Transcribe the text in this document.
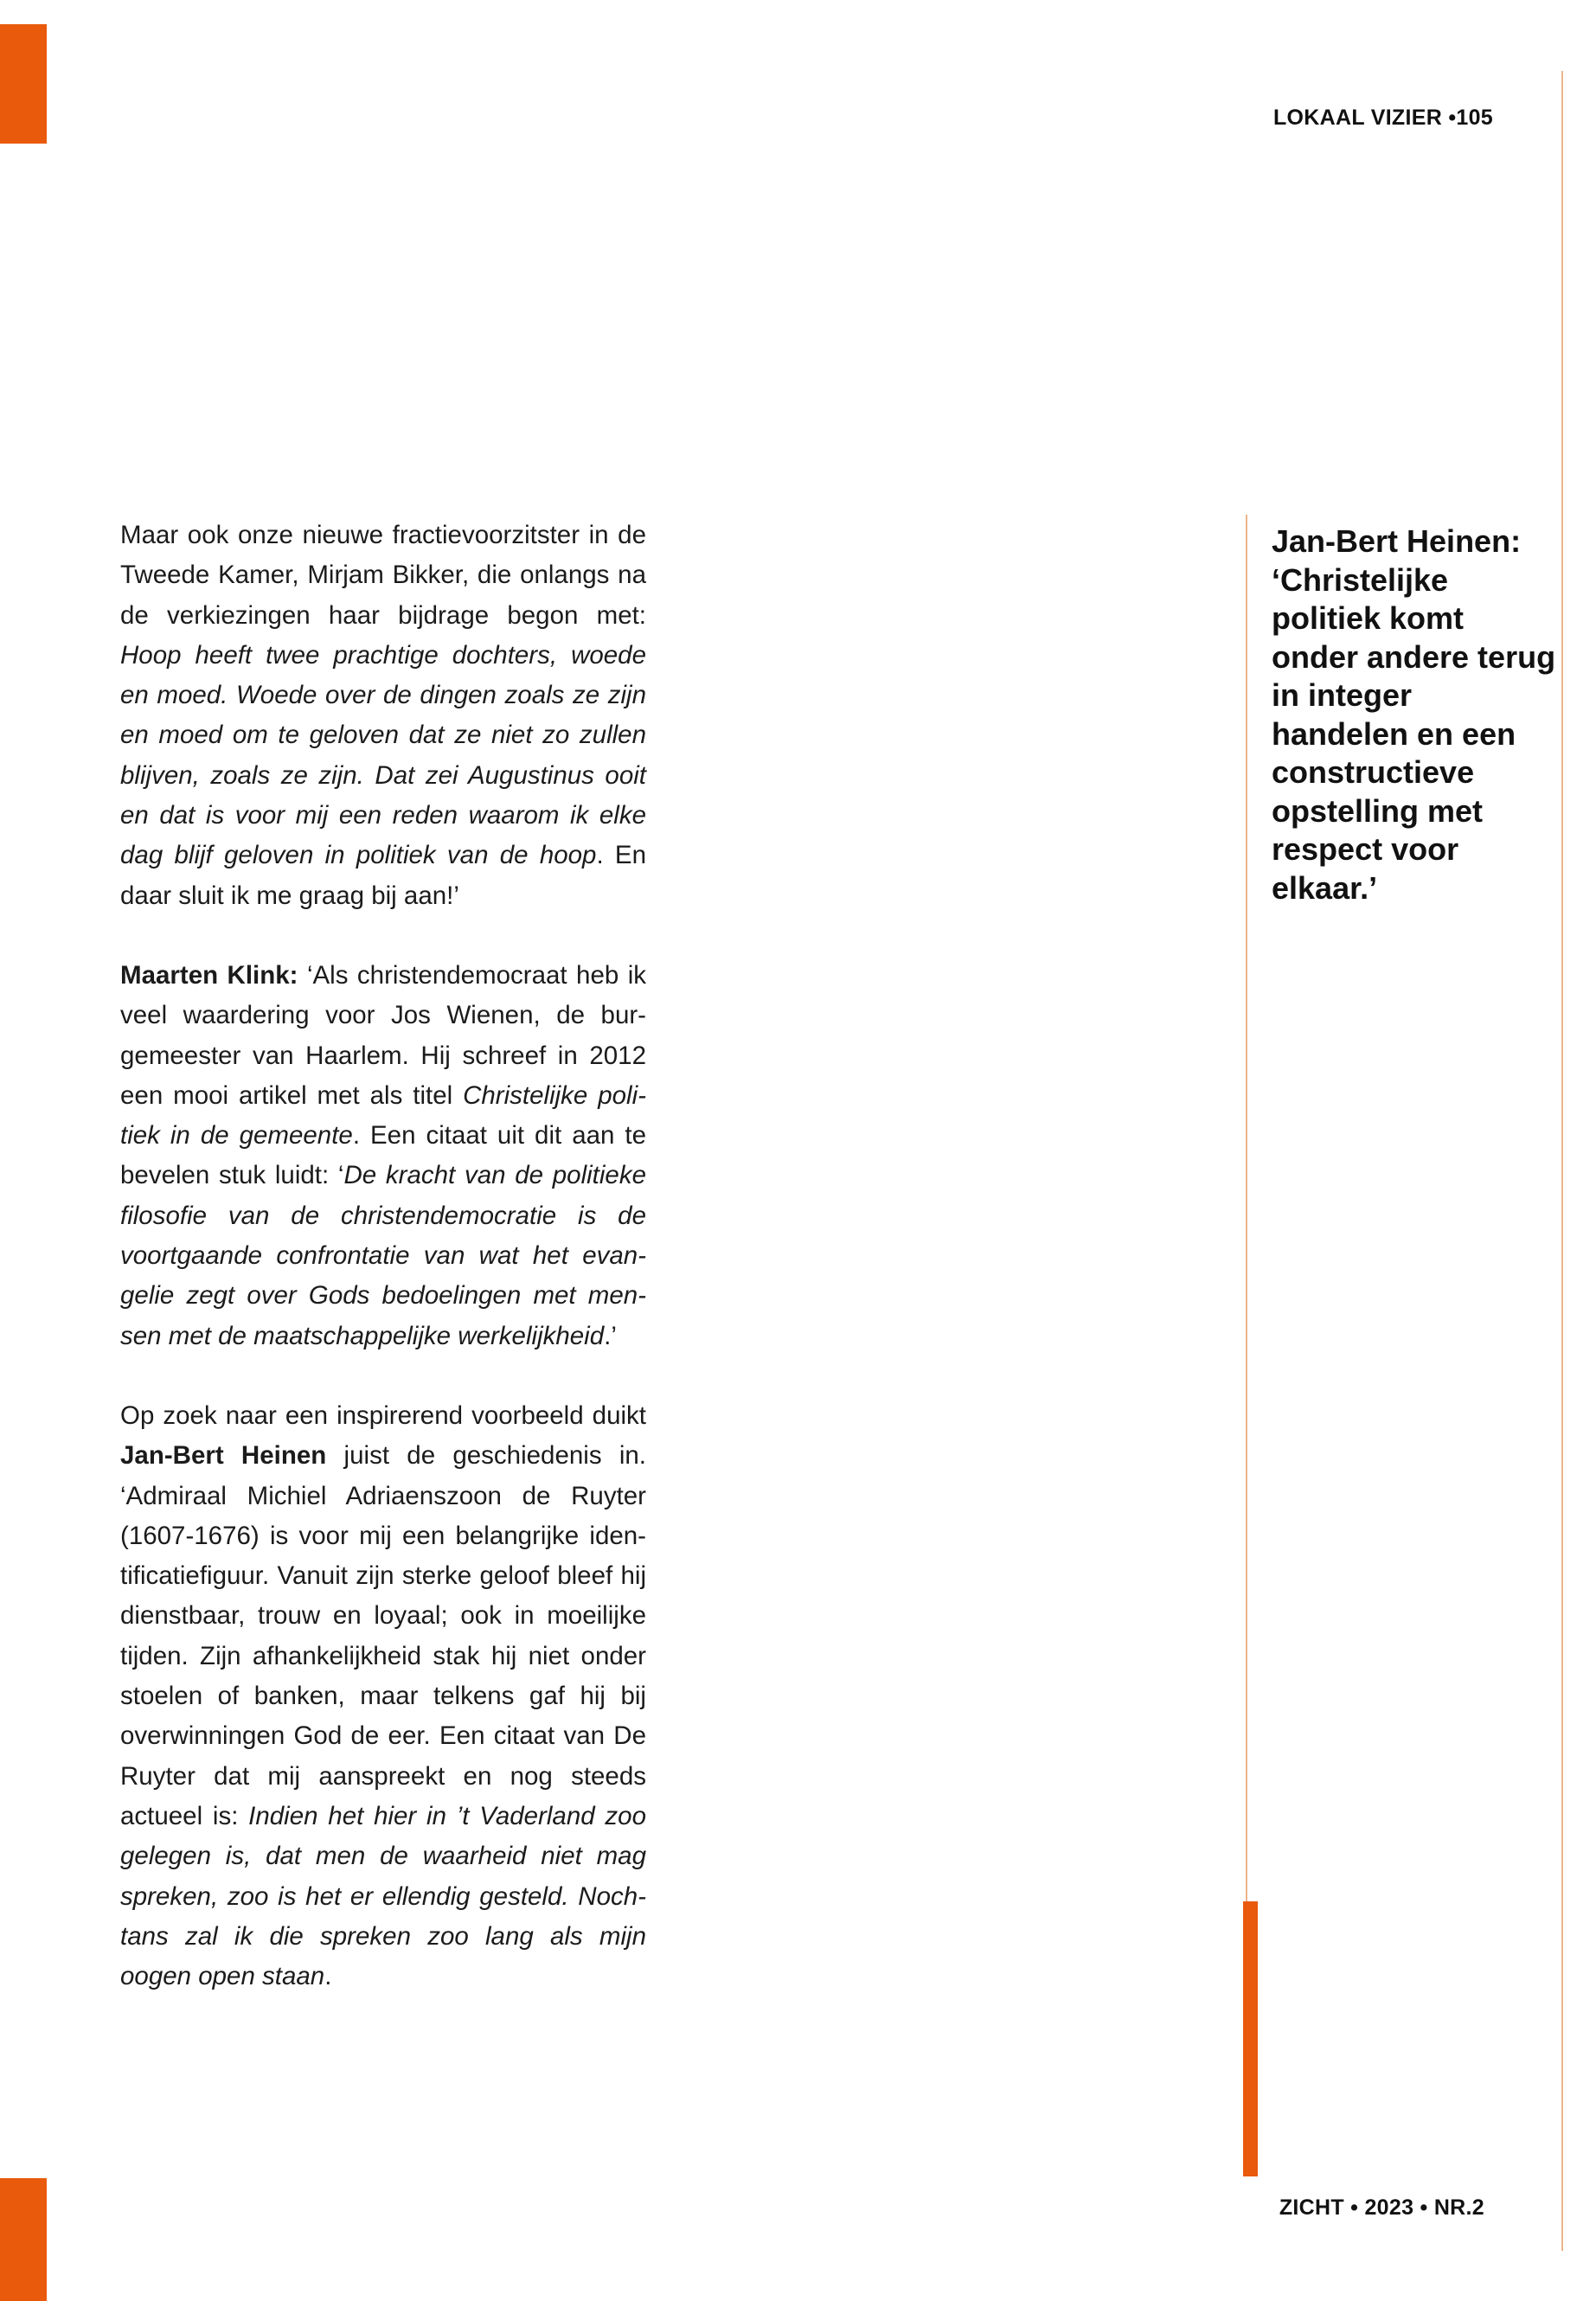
LOKAAL VIZIER •105

Maar ook onze nieuwe fractievoorzitster in de Tweede Kamer, Mirjam Bikker, die onlangs na de verkiezingen haar bijdrage begon met: Hoop heeft twee prachtige dochters, woede en moed. Woede over de dingen zoals ze zijn en moed om te geloven dat ze niet zo zullen blijven, zoals ze zijn. Dat zei Augustinus ooit en dat is voor mij een reden waarom ik elke dag blijf geloven in politiek van de hoop. En daar sluit ik me graag bij aan!’

Maarten Klink: ‘Als christendemocraat heb ik veel waardering voor Jos Wienen, de burgemeester van Haarlem. Hij schreef in 2012 een mooi artikel met als titel Christelijke politiek in de gemeente. Een citaat uit dit aan te bevelen stuk luidt: ‘De kracht van de politieke filosofie van de christendemocratie is de voortgaande confrontatie van wat het evangelie zegt over Gods bedoelingen met mensen met de maatschappelijke werkelijkheid.’

Op zoek naar een inspirerend voorbeeld duikt Jan-Bert Heinen juist de geschiedenis in. ‘Admiraal Michiel Adriaenszoon de Ruyter (1607-1676) is voor mij een belangrijke identificatiefiguur. Vanuit zijn sterke geloof bleef hij dienstbaar, trouw en loyaal; ook in moeilijke tijden. Zijn afhankelijkheid stak hij niet onder stoelen of banken, maar telkens gaf hij bij overwinningen God de eer. Een citaat van De Ruyter dat mij aanspreekt en nog steeds actueel is: Indien het hier in ’t Vaderland zoo gelegen is, dat men de waarheid niet mag spreken, zoo is het er ellendig gesteld. Nochtans zal ik die spreken zoo lang als mijn oogen open staan.

Jan-Bert Heinen: ‘Christelijke politiek komt onder andere terug in integer handelen en een constructieve opstelling met respect voor elkaar.’
ZICHT • 2023 • NR.2
